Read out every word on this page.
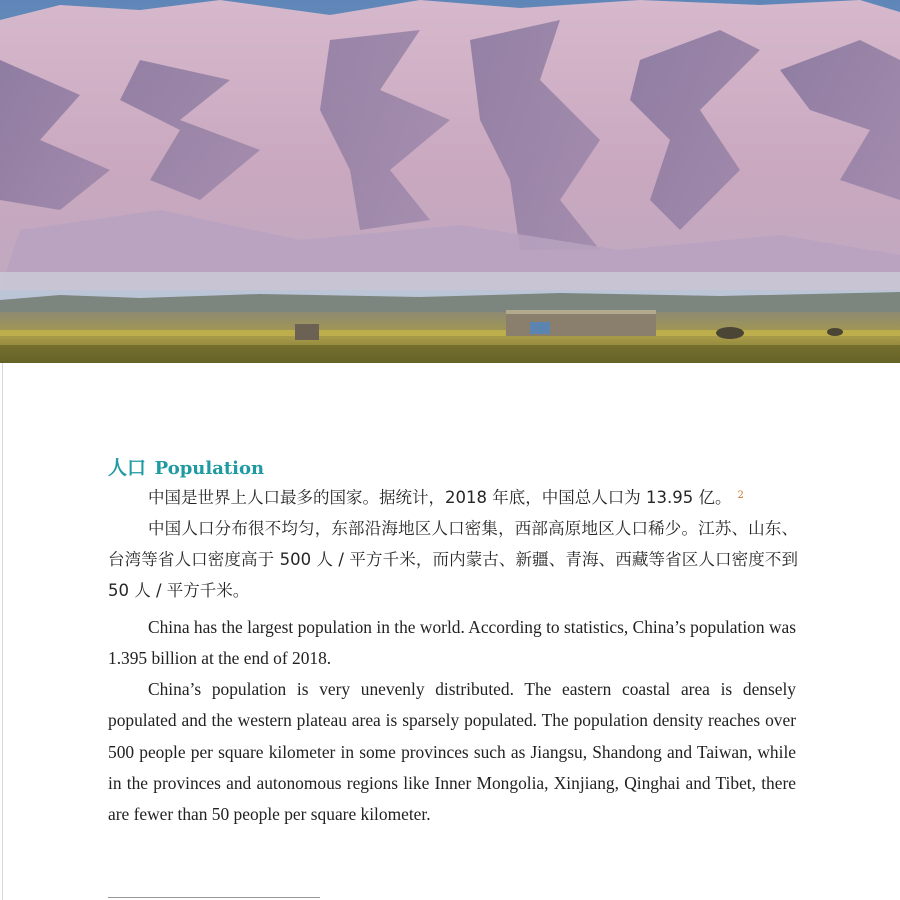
人口 Population
中国是世界上人口最多的国家。据统计，2018 年底，中国总人口为 13.95 亿。 $^2$
中国人口分布很不均匀，东部沿海地区人口密集，西部高原地区人口稀少。江苏、山东、台湾等省人口密度高于 500 人 / 平方千米，而内蒙古、新疆、青海、西藏等省区人口密度不到 50 人 / 平方千米。
China has the largest population in the world. According to statistics, China’s population was 1.395 billion at the end of 2018.
China’s population is very unevenly distributed. The eastern coastal area is densely populated and the western plateau area is sparsely populated. The population density reaches over 500 people per square kilometer in some provinces such as Jiangsu, Shandong and Taiwan, while in the provinces and autonomous regions like Inner Mongolia, Xinjiang, Qinghai and Tibet, there are fewer than 50 people per square kilometer.
